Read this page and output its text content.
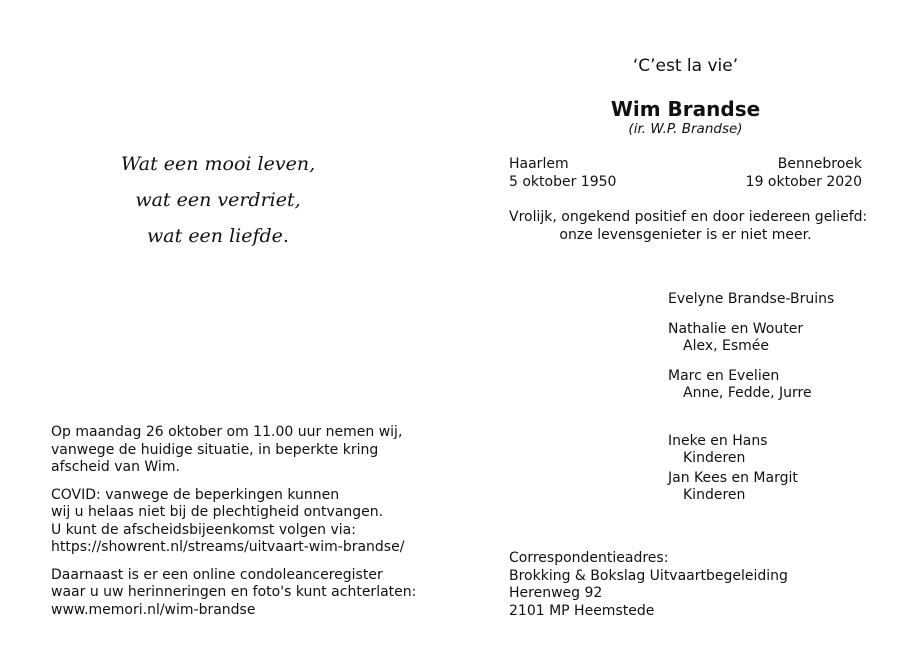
Wat een mooi leven,
wat een verdriet,
wat een liefde.

Op maandag 26 oktober om 11.00 uur nemen wij,
vanwege de huidige situatie, in beperkte kring
afscheid van Wim.

COVID: vanwege de beperkingen kunnen
wij u helaas niet bij de plechtigheid ontvangen.
U kunt de afscheidsbijeenkomst volgen via:
https://showrent.nl/streams/uitvaart-wim-brandse/

Daarnaast is er een online condoleanceregister
waar u uw herinneringen en foto's kunt achterlaten:
www.memori.nl/wim-brandse

‘C’est la vie’
Wim Brandse
(ir. W.P. Brandse)
Haarlem	Bennebroek
5 oktober 1950	19 oktober 2020
Vrolijk, ongekend positief en door iedereen geliefd:
onze levensgenieter is er niet meer.
Evelyne Brandse-Bruins
Nathalie en Wouter
Alex, Esmée
Marc en Evelien
Anne, Fedde, Jurre
Ineke en Hans
Kinderen
Jan Kees en Margit
Kinderen
Correspondentieadres:
Brokking & Bokslag Uitvaartbegeleiding
Herenweg 92
2101 MP Heemstede
